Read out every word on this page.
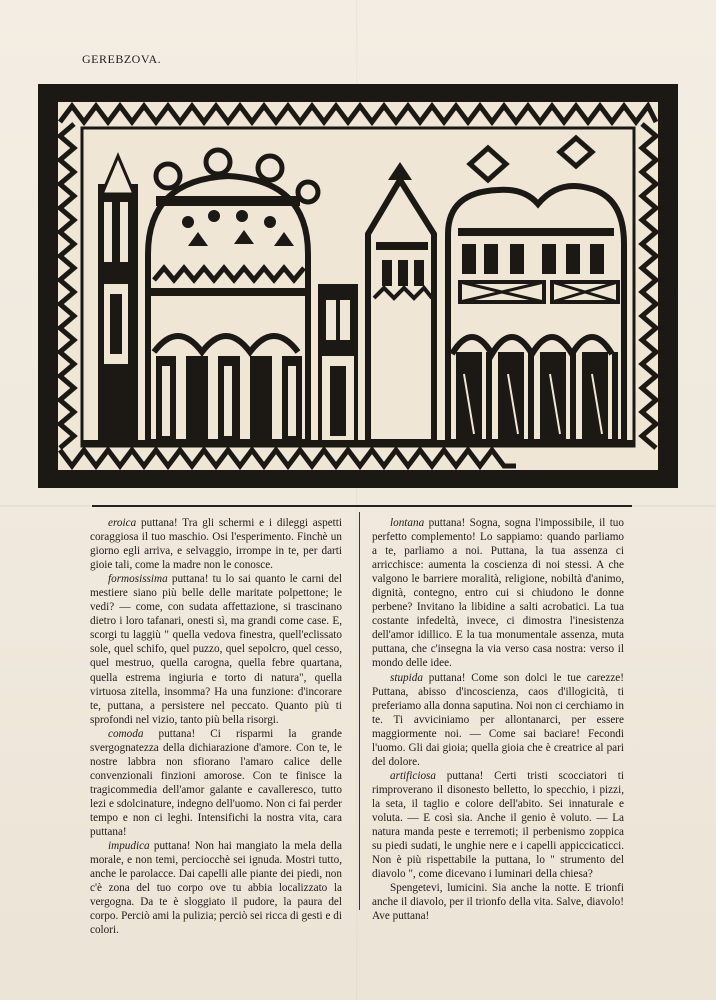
GEREBZOVA.

eroica puttana! Tra gli schermi e i dileggi aspetti coraggiosa il tuo maschio. Osi l'esperimento. Finchè un giorno egli arriva, e selvaggio, irrompe in te, per darti gioie tali, come la madre non le conosce.

formosissima puttana! tu lo sai quanto le carni del mestiere siano più belle delle maritate polpettone; le vedi? — come, con sudata affettazione, si trascinano dietro i loro tafanari, onesti sì, ma grandi come case. E, scorgi tu laggiù " quella vedova finestra, quell'eclissato sole, quel schifo, quel puzzo, quel sepolcro, quel cesso, quel mestruo, quella carogna, quella febre quartana, quella estrema ingiuria e torto di natura", quella virtuosa zitella, insomma? Ha una funzione: d'incorare te, puttana, a persistere nel peccato. Quanto più ti sprofondi nel vizio, tanto più bella risorgi.

comoda puttana! Ci risparmi la grande svergognatezza della dichiarazione d'amore. Con te, le nostre labbra non sfiorano l'amaro calice delle convenzionali finzioni amorose. Con te finisce la tragicommedia dell'amor galante e cavalleresco, tutto lezi e sdolcinature, indegno dell'uomo. Non ci fai perder tempo e non ci leghi. Intensifichi la nostra vita, cara puttana!

impudica puttana! Non hai mangiato la mela della morale, e non temi, perciocchè sei ignuda. Mostri tutto, anche le parolacce. Dai capelli alle piante dei piedi, non c'è zona del tuo corpo ove tu abbia localizzato la vergogna. Da te è sloggiato il pudore, la paura del corpo. Perciò ami la pulizia; perciò sei ricca di gesti e di colori.

lontana puttana! Sogna, sogna l'impossibile, il tuo perfetto complemento! Lo sappiamo: quando parliamo a te, parliamo a noi. Puttana, la tua assenza ci arricchisce: aumenta la coscienza di noi stessi. A che valgono le barriere moralità, religione, nobiltà d'animo, dignità, contegno, entro cui si chiudono le donne perbene? Invitano la libidine a salti acrobatici. La tua costante infedeltà, invece, ci dimostra l'inesistenza dell'amor idillico. E la tua monumentale assenza, muta puttana, che c'insegna la via verso casa nostra: verso il mondo delle idee.

stupida puttana! Come son dolci le tue carezze! Puttana, abisso d'incoscienza, caos d'illogicità, ti preferiamo alla donna saputina. Noi non ci cerchiamo in te. Ti avviciniamo per allontanarci, per essere maggiormente noi. — Come sai baciare! Fecondi l'uomo. Gli dai gioia; quella gioia che è creatrice al pari del dolore.

artificiosa puttana! Certi tristi scocciatori ti rimproverano il disonesto belletto, lo specchio, i pizzi, la seta, il taglio e colore dell'abito. Sei innaturale e voluta. — E così sia. Anche il genio è voluto. — La natura manda peste e terremoti; il perbenismo zoppica su piedi sudati, le unghie nere e i capelli appiccicaticci. Non è più rispettabile la puttana, lo " strumento del diavolo ", come dicevano i luminari della chiesa?

Spengetevi, lumicini. Sia anche la notte. E trionfi anche il diavolo, per il trionfo della vita. Salve, diavolo! Ave puttana!
